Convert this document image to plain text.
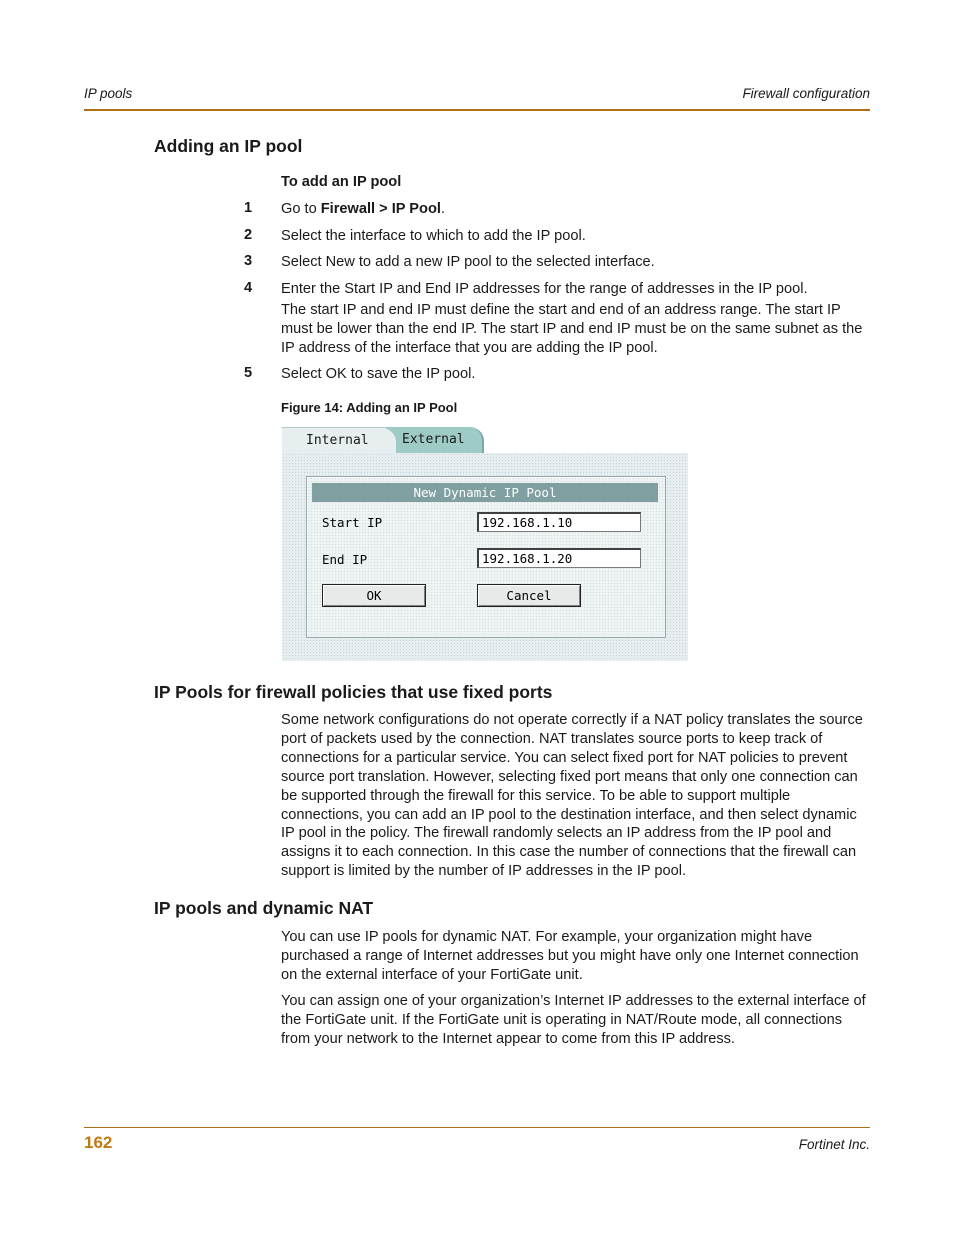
IP pools	Firewall configuration
Adding an IP pool
To add an IP pool
1 Go to Firewall > IP Pool.
2 Select the interface to which to add the IP pool.
3 Select New to add a new IP pool to the selected interface.
4 Enter the Start IP and End IP addresses for the range of addresses in the IP pool.
The start IP and end IP must define the start and end of an address range. The start IP must be lower than the end IP. The start IP and end IP must be on the same subnet as the IP address of the interface that you are adding the IP pool.
5 Select OK to save the IP pool.
Figure 14: Adding an IP Pool
External
Internal
New Dynamic IP Pool
Start IP	192.168.1.10
End IP	192.168.1.20
OK	Cancel
IP Pools for firewall policies that use fixed ports
Some network configurations do not operate correctly if a NAT policy translates the source port of packets used by the connection. NAT translates source ports to keep track of connections for a particular service. You can select fixed port for NAT policies to prevent source port translation. However, selecting fixed port means that only one connection can be supported through the firewall for this service. To be able to support multiple connections, you can add an IP pool to the destination interface, and then select dynamic IP pool in the policy. The firewall randomly selects an IP address from the IP pool and assigns it to each connection. In this case the number of connections that the firewall can support is limited by the number of IP addresses in the IP pool.
IP pools and dynamic NAT
You can use IP pools for dynamic NAT. For example, your organization might have purchased a range of Internet addresses but you might have only one Internet connection on the external interface of your FortiGate unit.
You can assign one of your organization’s Internet IP addresses to the external interface of the FortiGate unit. If the FortiGate unit is operating in NAT/Route mode, all connections from your network to the Internet appear to come from this IP address.
162	Fortinet Inc.
